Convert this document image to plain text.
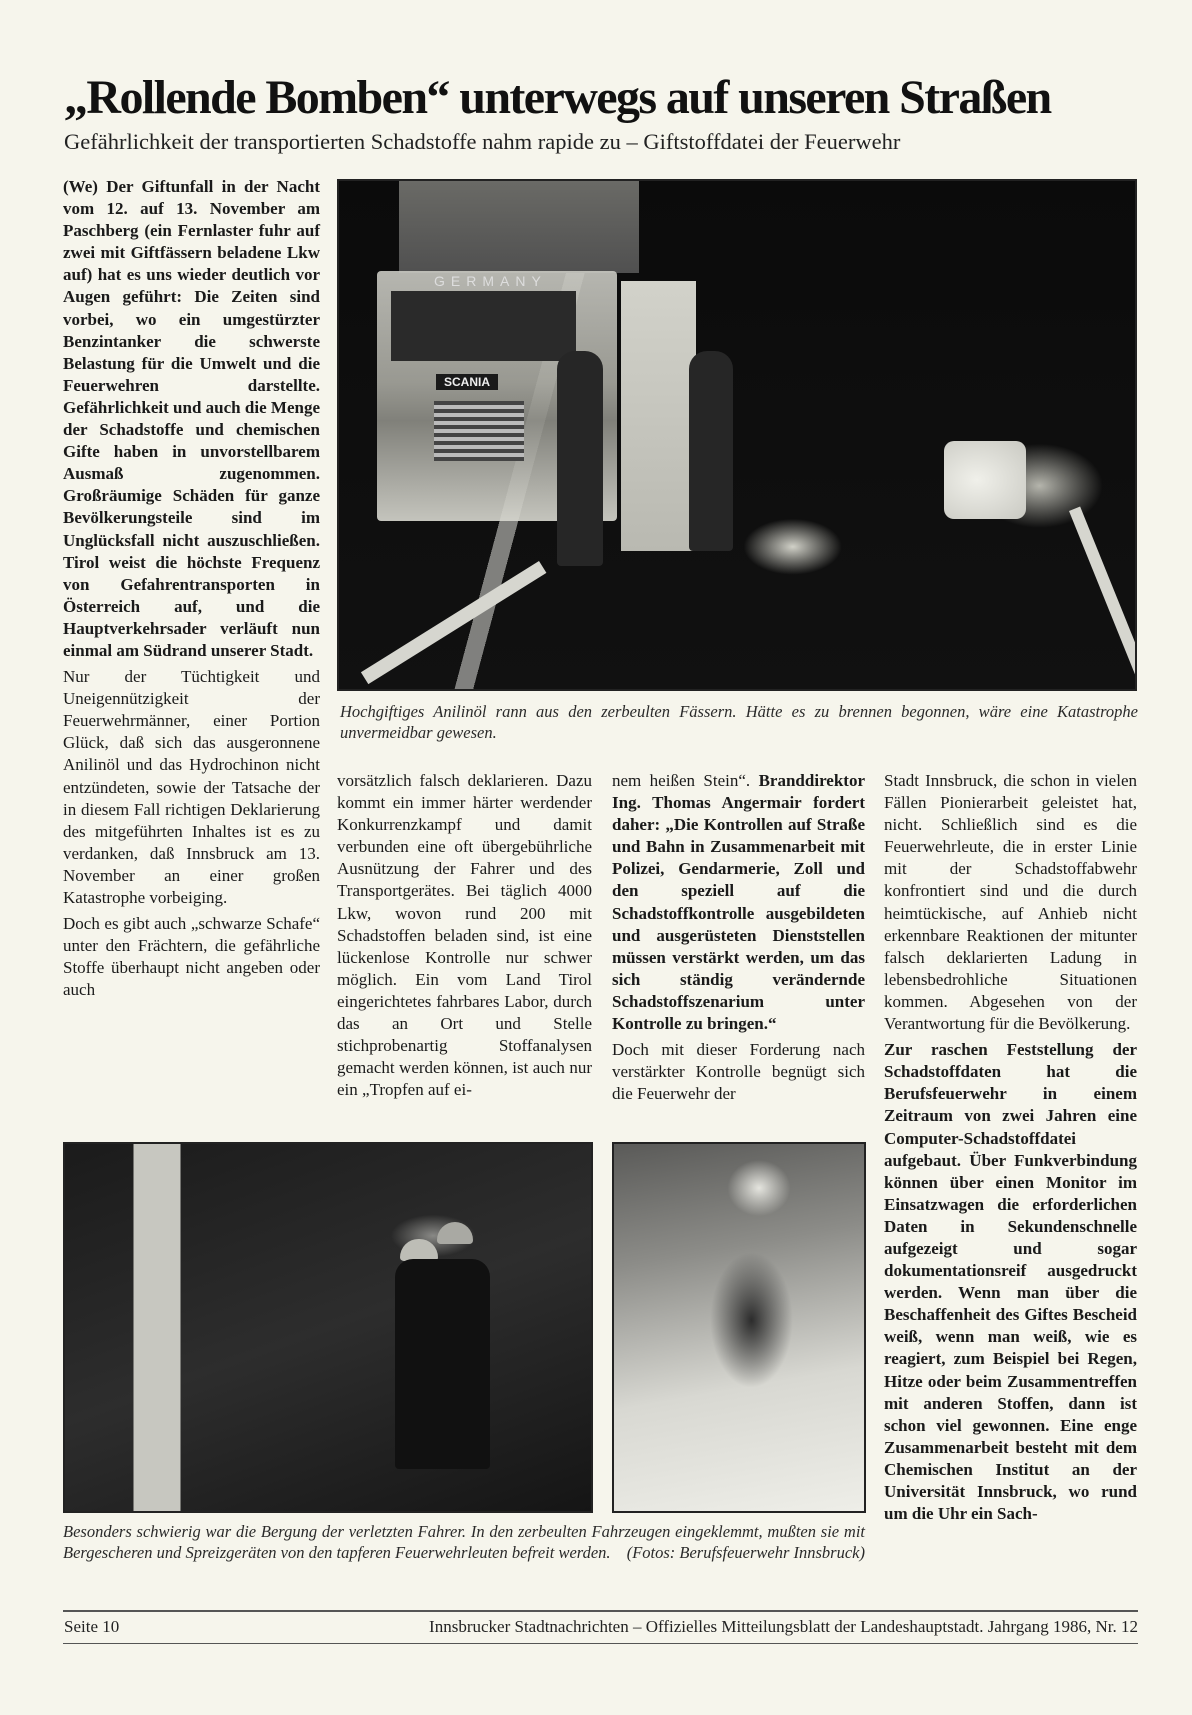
„Rollende Bomben“ unterwegs auf unseren Straßen
Gefährlichkeit der transportierten Schadstoffe nahm rapide zu – Giftstoffdatei der Feuerwehr

(We) Der Giftunfall in der Nacht vom 12. auf 13. November am Paschberg (ein Fernlaster fuhr auf zwei mit Giftfässern beladene Lkw auf) hat es uns wieder deutlich vor Augen geführt: Die Zeiten sind vorbei, wo ein umgestürzter Benzintanker die schwerste Belastung für die Umwelt und die Feuerwehren darstellte. Gefährlichkeit und auch die Menge der Schadstoffe und chemischen Gifte haben in unvorstellbarem Ausmaß zugenommen. Großräumige Schäden für ganze Bevölkerungsteile sind im Unglücksfall nicht auszuschließen. Tirol weist die höchste Frequenz von Gefahrentransporten in Österreich auf, und die Hauptverkehrsader verläuft nun einmal am Südrand unserer Stadt.

Nur der Tüchtigkeit und Uneigennützigkeit der Feuerwehrmänner, einer Portion Glück, daß sich das ausgeronnene Anilinöl und das Hydrochinon nicht entzündeten, sowie der Tatsache der in diesem Fall richtigen Deklarierung des mitgeführten Inhaltes ist es zu verdanken, daß Innsbruck am 13. November an einer großen Katastrophe vorbeiging.

Doch es gibt auch „schwarze Schafe“ unter den Frächtern, die gefährliche Stoffe überhaupt nicht angeben oder auch

GERMANY
SCANIA
Hochgiftiges Anilinöl rann aus den zerbeulten Fässern. Hätte es zu brennen begonnen, wäre eine Katastrophe unvermeidbar gewesen.

vorsätzlich falsch deklarieren. Dazu kommt ein immer härter werdender Konkurrenzkampf und damit verbunden eine oft übergebührliche Ausnützung der Fahrer und des Transportgerätes. Bei täglich 4000 Lkw, wovon rund 200 mit Schadstoffen beladen sind, ist eine lückenlose Kontrolle nur schwer möglich. Ein vom Land Tirol eingerichtetes fahrbares Labor, durch das an Ort und Stelle stichprobenartig Stoffanalysen gemacht werden können, ist auch nur ein „Tropfen auf ei-

nem heißen Stein“. Branddirektor Ing. Thomas Angermair fordert daher: „Die Kontrollen auf Straße und Bahn in Zusammenarbeit mit Polizei, Gendarmerie, Zoll und den speziell auf die Schadstoffkontrolle ausgebildeten und ausgerüsteten Dienststellen müssen verstärkt werden, um das sich ständig verändernde Schadstoffszenarium unter Kontrolle zu bringen.“

Doch mit dieser Forderung nach verstärkter Kontrolle begnügt sich die Feuerwehr der

Stadt Innsbruck, die schon in vielen Fällen Pionierarbeit geleistet hat, nicht. Schließlich sind es die Feuerwehrleute, die in erster Linie mit der Schadstoffabwehr konfrontiert sind und die durch heimtückische, auf Anhieb nicht erkennbare Reaktionen der mitunter falsch deklarierten Ladung in lebensbedrohliche Situationen kommen. Abgesehen von der Verantwortung für die Bevölkerung.

Zur raschen Feststellung der Schadstoffdaten hat die Berufsfeuerwehr in einem Zeitraum von zwei Jahren eine Computer-Schadstoffdatei aufgebaut. Über Funkverbindung können über einen Monitor im Einsatzwagen die erforderlichen Daten in Sekundenschnelle aufgezeigt und sogar dokumentationsreif ausgedruckt werden. Wenn man über die Beschaffenheit des Giftes Bescheid weiß, wenn man weiß, wie es reagiert, zum Beispiel bei Regen, Hitze oder beim Zusammentreffen mit anderen Stoffen, dann ist schon viel gewonnen. Eine enge Zusammenarbeit besteht mit dem Chemischen Institut an der Universität Innsbruck, wo rund um die Uhr ein Sach-

Besonders schwierig war die Bergung der verletzten Fahrer. In den zerbeulten Fahrzeugen eingeklemmt, mußten sie mit Bergescheren und Spreizgeräten von den tapferen Feuerwehrleuten befreit werden. (Fotos: Berufsfeuerwehr Innsbruck)
Seite 10	Innsbrucker Stadtnachrichten – Offizielles Mitteilungsblatt der Landeshauptstadt. Jahrgang 1986, Nr. 12
